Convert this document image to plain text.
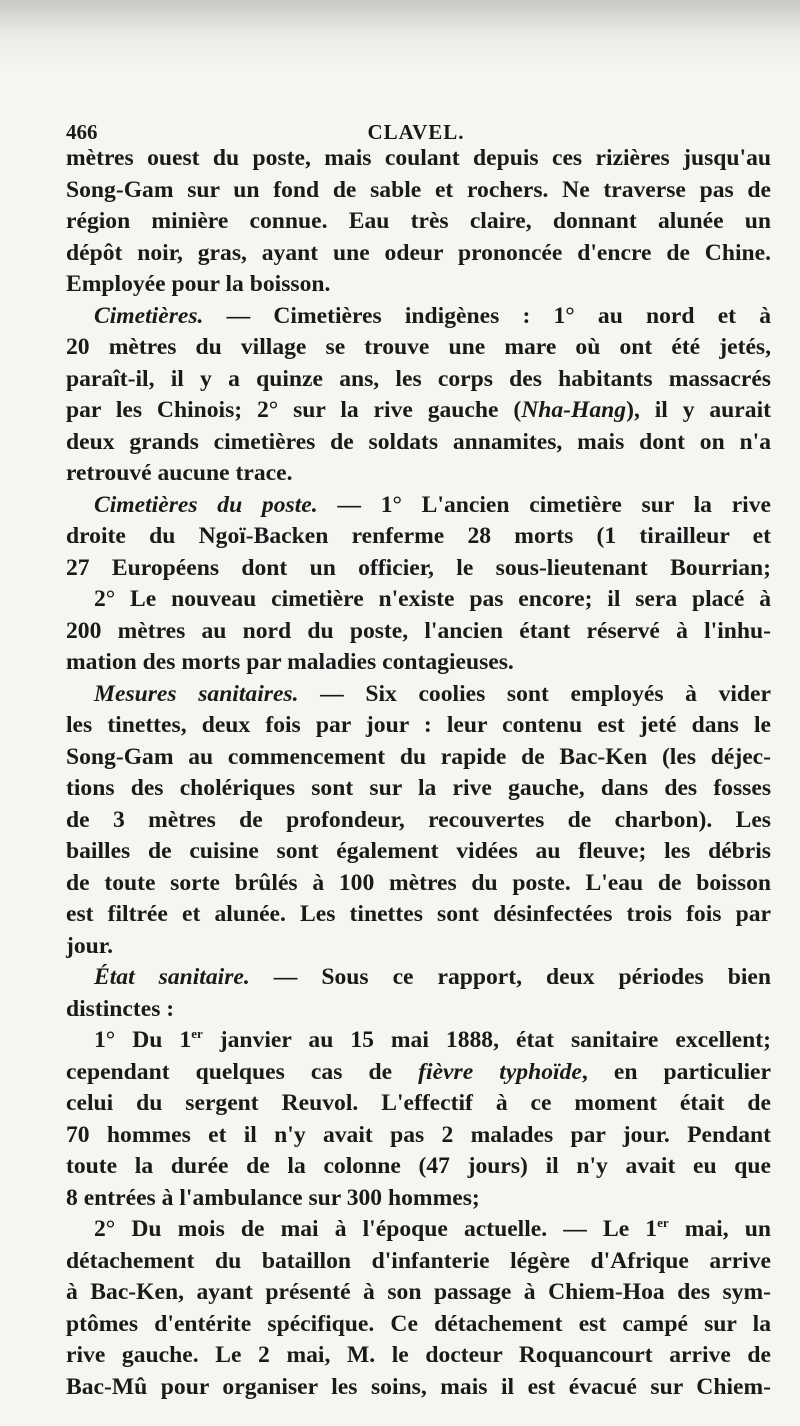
466	CLAVEL.
mètres ouest du poste, mais coulant depuis ces rizières jusqu'au
Song-Gam sur un fond de sable et rochers. Ne traverse pas de
région minière connue. Eau très claire, donnant alunée un
dépôt noir, gras, ayant une odeur prononcée d'encre de Chine.
Employée pour la boisson.
Cimetières. — Cimetières indigènes : 1° au nord et à
20 mètres du village se trouve une mare où ont été jetés,
paraît-il, il y a quinze ans, les corps des habitants massacrés
par les Chinois; 2° sur la rive gauche (Nha-Hang), il y aurait
deux grands cimetières de soldats annamites, mais dont on n'a
retrouvé aucune trace.
Cimetières du poste. — 1° L'ancien cimetière sur la rive
droite du Ngoï-Backen renferme 28 morts (1 tirailleur et
27 Européens dont un officier, le sous-lieutenant Bourrian;
2° Le nouveau cimetière n'existe pas encore; il sera placé à
200 mètres au nord du poste, l'ancien étant réservé à l'inhu-
mation des morts par maladies contagieuses.
Mesures sanitaires. — Six coolies sont employés à vider
les tinettes, deux fois par jour : leur contenu est jeté dans le
Song-Gam au commencement du rapide de Bac-Ken (les déjec-
tions des cholériques sont sur la rive gauche, dans des fosses
de 3 mètres de profondeur, recouvertes de charbon). Les
bailles de cuisine sont également vidées au fleuve; les débris
de toute sorte brûlés à 100 mètres du poste. L'eau de boisson
est filtrée et alunée. Les tinettes sont désinfectées trois fois par
jour.
État sanitaire. — Sous ce rapport, deux périodes bien
distinctes :
1° Du 1er janvier au 15 mai 1888, état sanitaire excellent;
cependant quelques cas de fièvre typhoïde, en particulier
celui du sergent Reuvol. L'effectif à ce moment était de
70 hommes et il n'y avait pas 2 malades par jour. Pendant
toute la durée de la colonne (47 jours) il n'y avait eu que
8 entrées à l'ambulance sur 300 hommes;
2° Du mois de mai à l'époque actuelle. — Le 1er mai, un
détachement du bataillon d'infanterie légère d'Afrique arrive
à Bac-Ken, ayant présenté à son passage à Chiem-Hoa des sym-
ptômes d'entérite spécifique. Ce détachement est campé sur la
rive gauche. Le 2 mai, M. le docteur Roquancourt arrive de
Bac-Mû pour organiser les soins, mais il est évacué sur Chiem-
